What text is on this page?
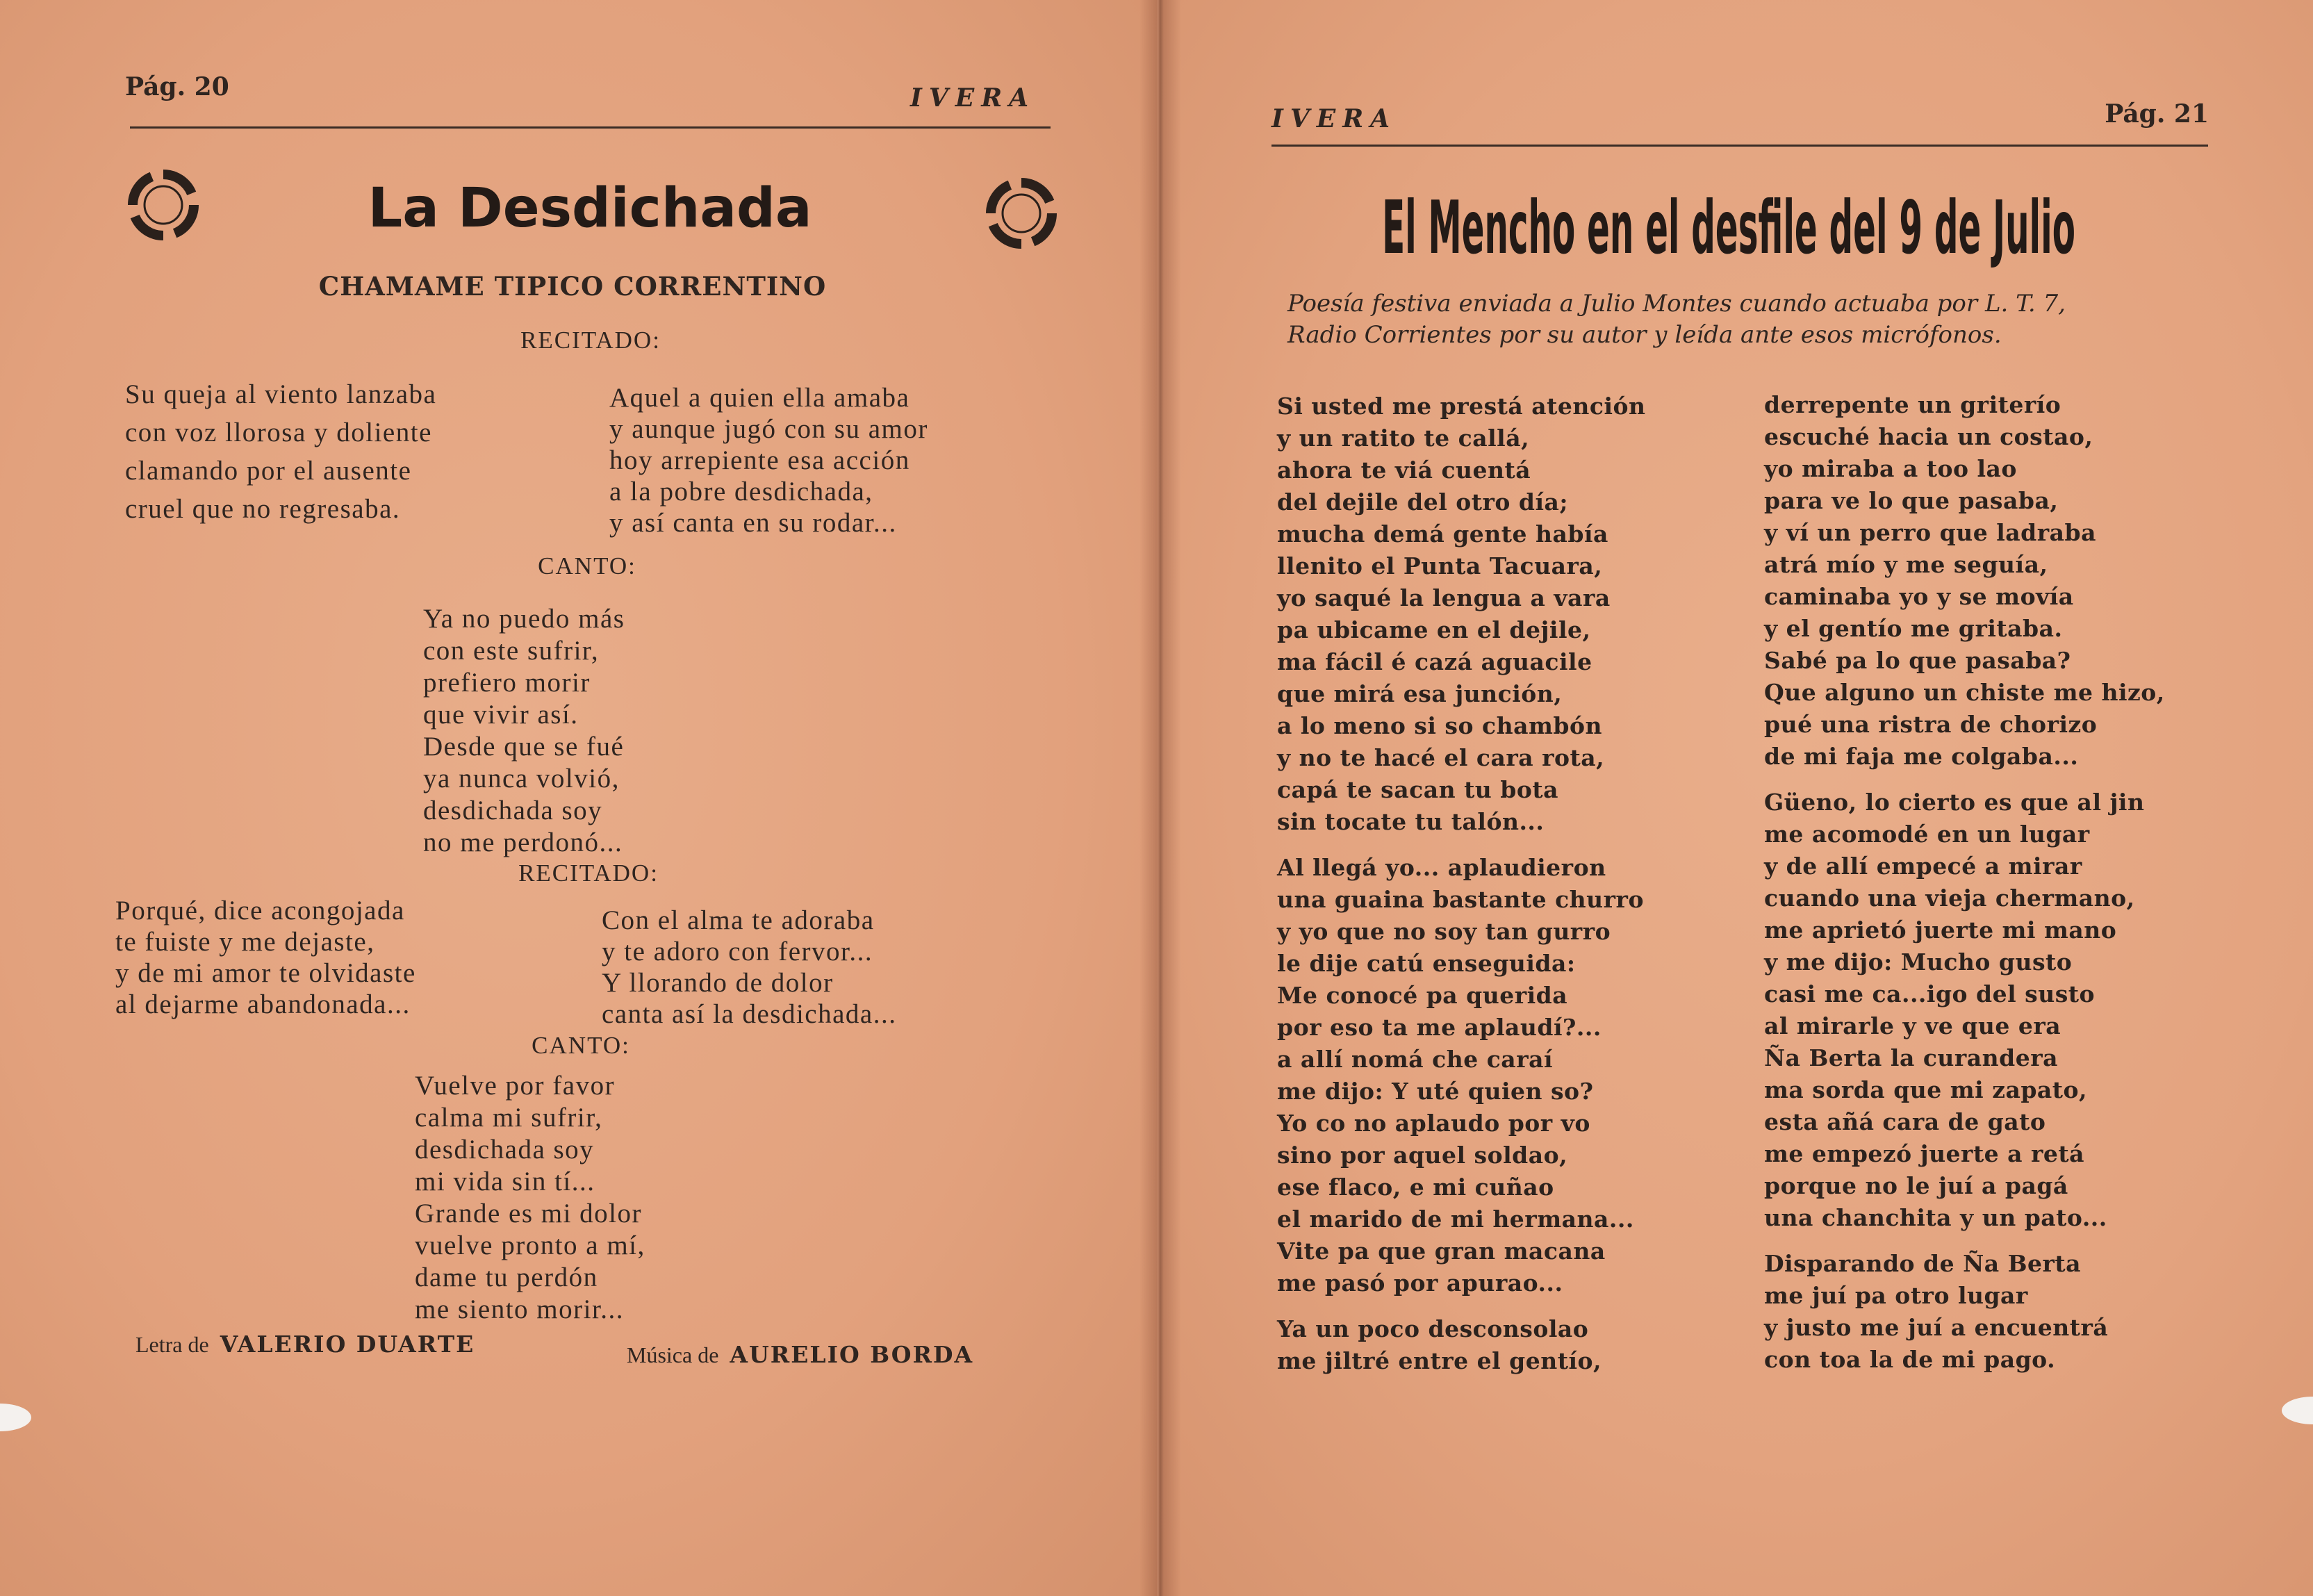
Pág. 20	IVERA
La Desdichada
CHAMAME TIPICO CORRENTINO
RECITADO:
Su queja al viento lanzaba
con voz llorosa y doliente
clamando por el ausente
cruel que no regresaba.
Aquel a quien ella amaba
y aunque jugó con su amor
hoy arrepiente esa acción
a la pobre desdichada,
y así canta en su rodar...
CANTO:
Ya no puedo más
con este sufrir,
prefiero morir
que vivir así.
Desde que se fué
ya nunca volvió,
desdichada soy
no me perdonó...
RECITADO:
Porqué, dice acongojada
te fuiste y me dejaste,
y de mi amor te olvidaste
al dejarme abandonada...
Con el alma te adoraba
y te adoro con fervor...
Y llorando de dolor
canta así la desdichada...
CANTO:
Vuelve por favor
calma mi sufrir,
desdichada soy
mi vida sin tí...
Grande es mi dolor
vuelve pronto a mí,
dame tu perdón
me siento morir...
Letra de VALERIO DUARTE	Música de AURELIO BORDA
IVERA	Pág. 21
El Mencho en el desfile del 9 de Julio
Poesía festiva enviada a Julio Montes cuando actuaba por L. T. 7,
Radio Corrientes por su autor y leída ante esos micrófonos.
Si usted me prestá atención
y un ratito te callá,
ahora te viá cuentá
del dejile del otro día;
mucha demá gente había
llenito el Punta Tacuara,
yo saqué la lengua a vara
pa ubicame en el dejile,
ma fácil é cazá aguacile
que mirá esa junción,
a lo meno si so chambón
y no te hacé el cara rota,
capá te sacan tu bota
sin tocate tu talón...
Al llegá yo... aplaudieron
una guaina bastante churro
y yo que no soy tan gurro
le dije catú enseguida:
Me conocé pa querida
por eso ta me aplaudí?...
a allí nomá che caraí
me dijo: Y uté quien so?
Yo co no aplaudo por vo
sino por aquel soldao,
ese flaco, e mi cuñao
el marido de mi hermana...
Vite pa que gran macana
me pasó por apurao...
Ya un poco desconsolao
me jiltré entre el gentío,
derrepente un griterío
escuché hacia un costao,
yo miraba a too lao
para ve lo que pasaba,
y ví un perro que ladraba
atrá mío y me seguía,
caminaba yo y se movía
y el gentío me gritaba.
Sabé pa lo que pasaba?
Que alguno un chiste me hizo,
pué una ristra de chorizo
de mi faja me colgaba...
Güeno, lo cierto es que al jin
me acomodé en un lugar
y de allí empecé a mirar
cuando una vieja chermano,
me aprietó juerte mi mano
y me dijo: Mucho gusto
casi me ca...igo del susto
al mirarle y ve que era
Ña Berta la curandera
ma sorda que mi zapato,
esta añá cara de gato
me empezó juerte a retá
porque no le juí a pagá
una chanchita y un pato...
Disparando de Ña Berta
me juí pa otro lugar
y justo me juí a encuentrá
con toa la de mi pago.
